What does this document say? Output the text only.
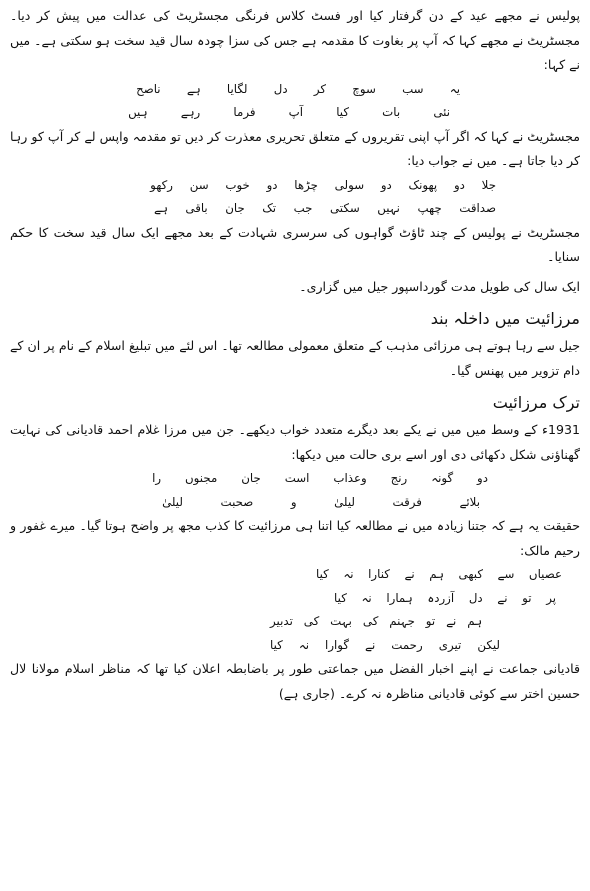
پولیس نے مجھے عید کے دن گرفتار کیا اور فسٹ کلاس فرنگی مجسٹریٹ کی عدالت میں پیش کر دیا۔ مجسٹریٹ نے مجھے کہا کہ آپ پر بغاوت کا مقدمہ ہے جس کی سزا چودہ سال قید سخت ہو سکتی ہے۔ میں نے کہا:

یہ
سب
سوچ
کر
دل
لگایا
ہے
ناصح
نئی
بات
کیا
آپ
فرما
رہے
ہیں

مجسٹریٹ نے کہا کہ اگر آپ اپنی تقریروں کے متعلق تحریری معذرت کر دیں تو مقدمہ واپس لے کر آپ کو رہا کر دیا جاتا ہے۔ میں نے جواب دیا:

جلا
دو
پھونک
دو
سولی
چڑھا
دو
خوب
سن
رکھو
صداقت
چھپ
نہیں
سکتی
جب
تک
جان
باقی
ہے

مجسٹریٹ نے پولیس کے چند ٹاؤٹ گواہوں کی سرسری شہادت کے بعد مجھے ایک سال قید سخت کا حکم سنایا۔

ایک سال کی طویل مدت گورداسپور جیل میں گزاری۔

مرزائیت میں داخلہ بند

جیل سے رہا ہوتے ہی مرزائی مذہب کے متعلق معمولی مطالعہ تھا۔ اس لئے میں تبلیغ اسلام کے نام پر ان کے دام تزویر میں پھنس گیا۔

ترک مرزائیت

1931ء کے وسط میں میں نے یکے بعد دیگرے متعدد خواب دیکھے۔ جن میں مرزا غلام احمد قادیانی کی نہایت گھناؤنی شکل دکھائی دی اور اسے بری حالت میں دیکھا:

دو
گونہ
رنج
وعذاب
است
جان
مجنوں
را
بلائے
فرقت
لیلیٰ
و
صحبت
لیلیٰ

حقیقت یہ ہے کہ جتنا زیادہ میں نے مطالعہ کیا اتنا ہی مرزائیت کا کذب مجھ پر واضح ہوتا گیا۔ میرے غفور و رحیم مالک:

عصیاں
سے
کبھی
ہم
نے
کنارا
نہ
کیا
پر
تو
نے
دل
آزردہ
ہمارا
نہ
کیا
ہم
نے
تو
جہنم
کی
بہت
کی
تدبیر
لیکن
تیری
رحمت
نے
گوارا
نہ
کیا

قادیانی جماعت نے اپنے اخبار الفضل میں جماعتی طور پر باضابطہ اعلان کیا تھا کہ مناظر اسلام مولانا لال حسین اختر سے کوئی قادیانی مناظرہ نہ کرے۔ (جاری ہے)
